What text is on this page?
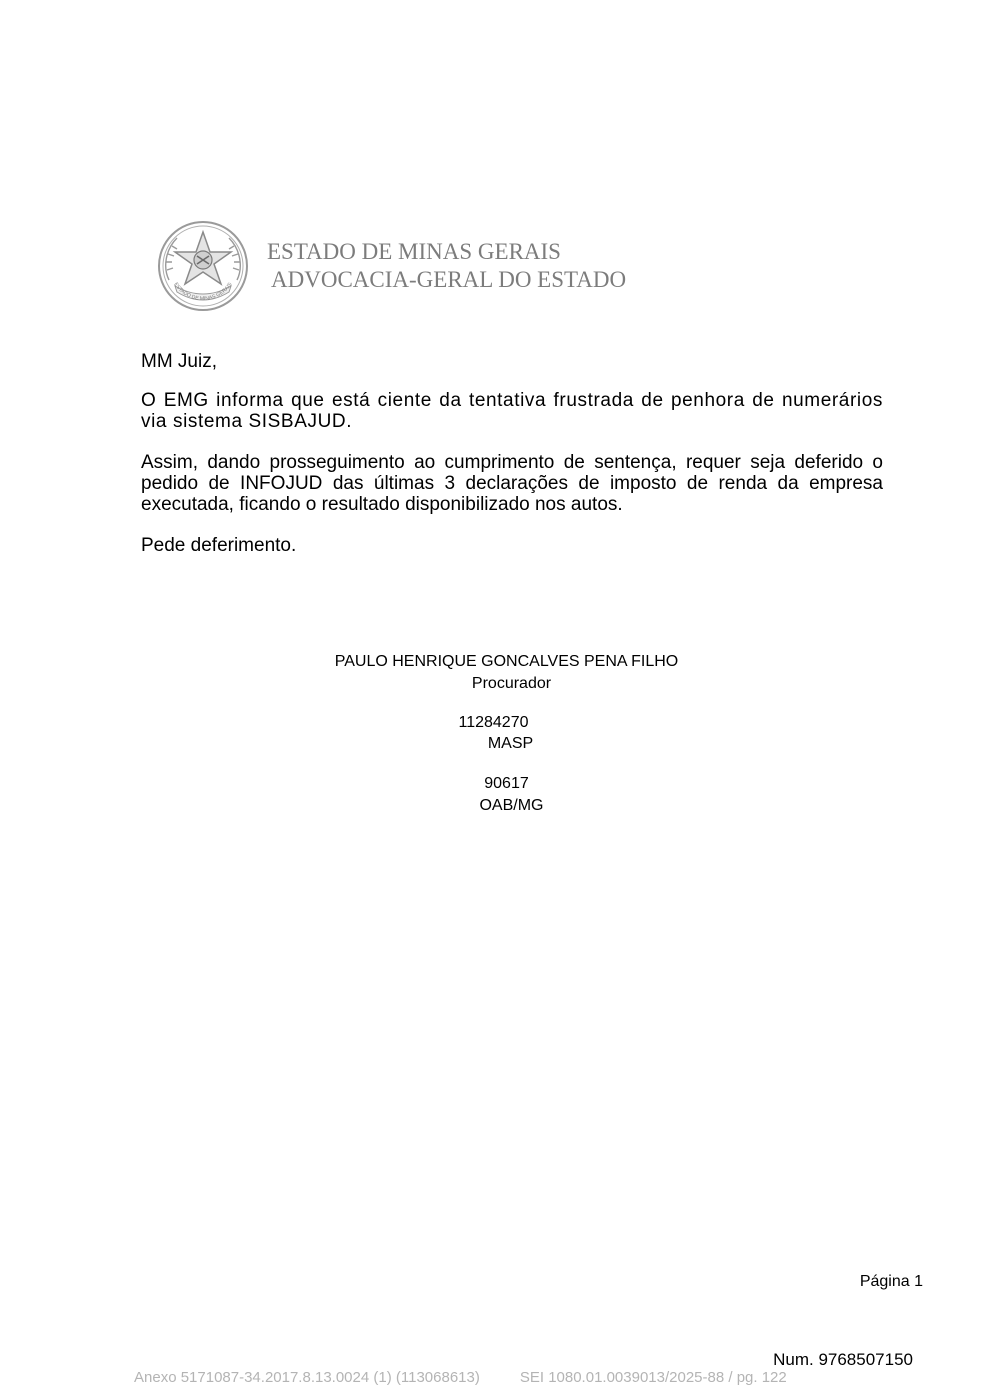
ESTADO DE MINAS GERAIS
ESTADO DE MINAS GERAIS
ADVOCACIA-GERAL DO ESTADO

MM Juiz,

O EMG informa que está ciente da tentativa frustrada de penhora de numerários via sistema SISBAJUD.

Assim, dando prosseguimento ao cumprimento de sentença, requer seja deferido o pedido de INFOJUD das últimas 3 declarações de imposto de renda da empresa executada, ficando o resultado disponibilizado nos autos.

Pede deferimento.

PAULO HENRIQUE GONCALVES PENA FILHO
Procurador
11284270
MASP
90617
OAB/MG
Página 1
Num. 9768507150
Anexo 5171087-34.2017.8.13.0024 (1) (113068613)	SEI 1080.01.0039013/2025-88 / pg. 122
